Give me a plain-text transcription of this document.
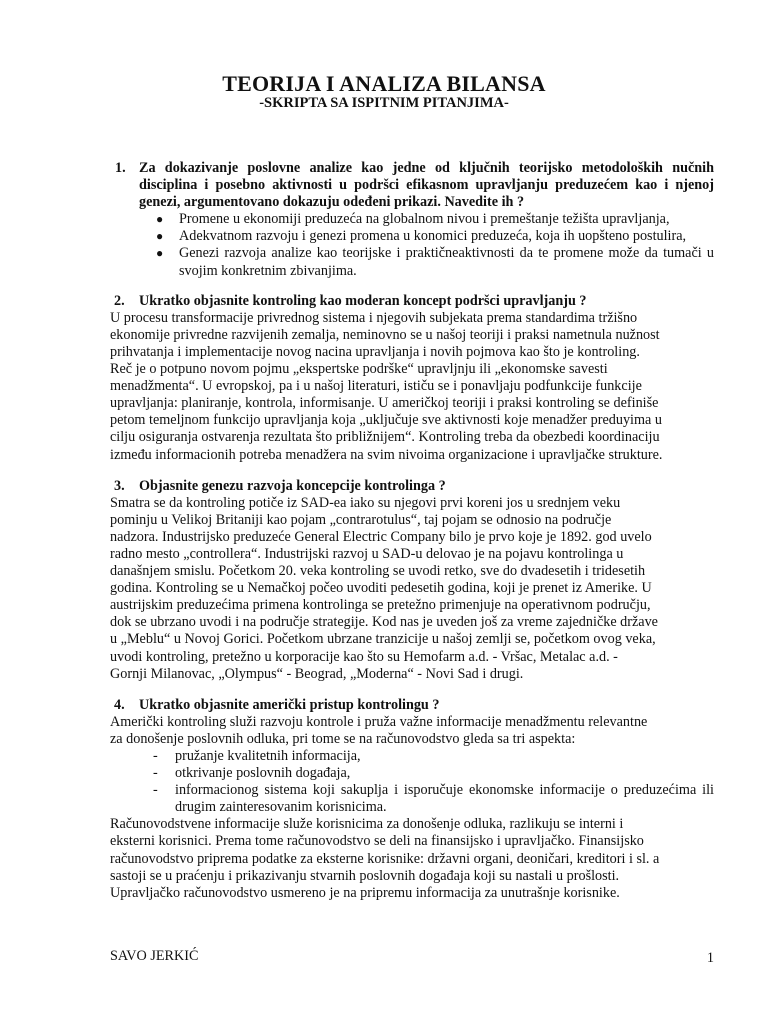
TEORIJA I ANALIZA BILANSA
-SKRIPTA SA ISPITNIM PITANJIMA-
1. Za dokazivanje poslovne analize kao jedne od ključnih teorijsko metodoloških nučnih disciplina i posebno aktivnosti u podršci efikasnom upravljanju preduzećem kao i njenoj genezi, argumentovano dokazuju odeđeni prikazi. Navedite ih ?
● Promene u ekonomiji preduzeća na globalnom nivou i premeštanje težišta upravljanja,
● Adekvatnom razvoju i genezi promena u konomici preduzeća, koja ih uopšteno postulira,
● Genezi razvoja analize kao teorijske i praktičneaktivnosti da te promene može da tumači u svojim konkretnim zbivanjima.
2. Ukratko objasnite kontroling kao moderan koncept podršci upravljanju ?
U procesu transformacije privrednog sistema i njegovih subjekata prema standardima tržišno
ekonomije privredne razvijenih zemalja, neminovno se u našoj teoriji i praksi nametnula nužnost
prihvatanja i implementacije novog nacina upravljanja i novih pojmova kao što je kontroling.
Reč je o potpuno novom pojmu „ekspertske podrške“ upravljnju ili „ekonomske savesti
menadžmenta“. U evropskoj, pa i u našoj literaturi, ističu se i ponavljaju podfunkcije funkcije
upravljanja: planiranje, kontrola, informisanje. U američkoj teoriji i praksi kontroling se definiše
petom temeljnom funkcijo upravljanja koja „uključuje sve aktivnosti koje menadžer preduyima u
cilju osiguranja ostvarenja rezultata što približnijem“. Kontroling treba da obezbedi koordinaciju
između informacionih potreba menadžera na svim nivoima organizacione i upravljačke strukture.
3. Objasnite genezu razvoja koncepcije kontrolinga ?
Smatra se da kontroling potiče iz SAD-ea iako su njegovi prvi koreni jos u srednjem veku
pominju u Velikoj Britaniji kao pojam „contrarotulus“, taj pojam se odnosio na područje
nadzora. Industrijsko preduzeće General Electric Company bilo je prvo koje je 1892. god uvelo
radno mesto „controllera“. Industrijski razvoj u SAD-u delovao je na pojavu kontrolinga u
današnjem smislu. Početkom 20. veka kontroling se uvodi retko, sve do dvadesetih i tridesetih
godina. Kontroling se u Nemačkoj počeo uvoditi pedesetih godina, koji je prenet iz Amerike. U
austrijskim preduzećima primena kontrolinga se pretežno primenjuje na operativnom području,
dok se ubrzano uvodi i na područje strategije. Kod nas je uveden još za vreme zajedničke države
u „Meblu“ u Novoj Gorici. Početkom ubrzane tranzicije u našoj zemlji se, početkom ovog veka,
uvodi kontroling, pretežno u korporacije kao što su Hemofarm a.d. - Vršac, Metalac a.d. -
Gornji Milanovac, „Olympus“ - Beograd, „Moderna“ - Novi Sad i drugi.
4. Ukratko objasnite američki pristup kontrolingu ?
Američki kontroling služi razvoju kontrole i pruža važne informacije menadžmentu relevantne
za donošenje poslovnih odluka, pri tome se na računovodstvo gleda sa tri aspekta:
- pružanje kvalitetnih informacija,
- otkrivanje poslovnih događaja,
- informacionog sistema koji sakuplja i isporučuje ekonomske informacije o preduzećima ili drugim zainteresovanim korisnicima.
Računovodstvene informacije služe korisnicima za donošenje odluka, razlikuju se interni i
eksterni korisnici. Prema tome računovodstvo se deli na finansijsko i upravljačko. Finansijsko
računovodstvo pripremа podatke za eksterne korisnike: državni organi, deoničari, kreditori i sl. a
sastoji se u praćenju i prikazivanju stvarnih poslovnih događaja koji su nastali u prošlosti.
Upravljačko računovodstvo usmereno je na pripremu informacija za unutrašnje korisnike.
SAVO JERKIĆ	1
